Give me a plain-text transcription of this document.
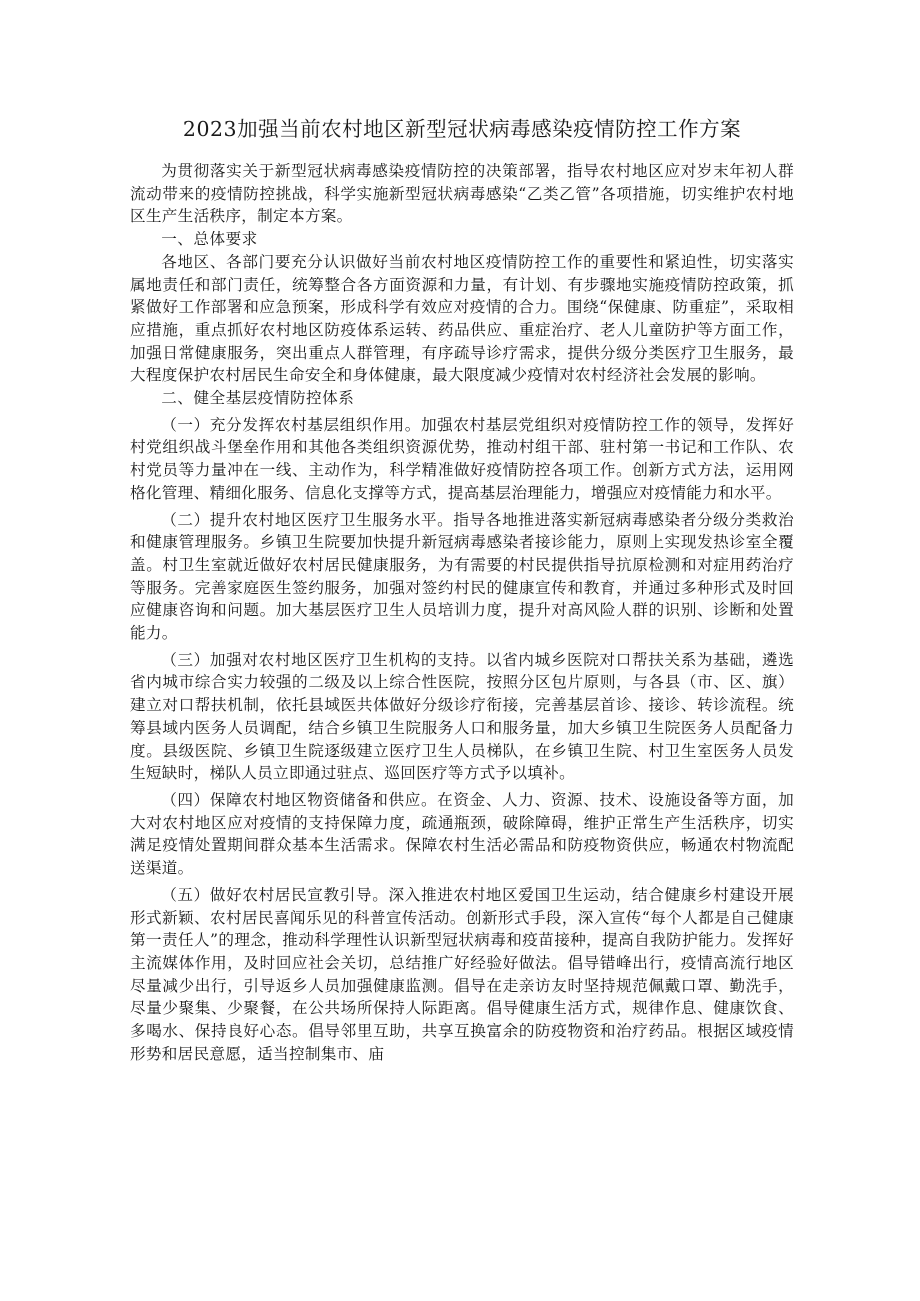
2023加强当前农村地区新型冠状病毒感染疫情防控工作方案

为贯彻落实关于新型冠状病毒感染疫情防控的决策部署，指导农村地区应对岁末年初人群流动带来的疫情防控挑战，科学实施新型冠状病毒感染“乙类乙管”各项措施，切实维护农村地区生产生活秩序，制定本方案。

一、总体要求

各地区、各部门要充分认识做好当前农村地区疫情防控工作的重要性和紧迫性，切实落实属地责任和部门责任，统筹整合各方面资源和力量，有计划、有步骤地实施疫情防控政策，抓紧做好工作部署和应急预案，形成科学有效应对疫情的合力。围绕“保健康、防重症”，采取相应措施，重点抓好农村地区防疫体系运转、药品供应、重症治疗、老人儿童防护等方面工作，加强日常健康服务，突出重点人群管理，有序疏导诊疗需求，提供分级分类医疗卫生服务，最大程度保护农村居民生命安全和身体健康，最大限度减少疫情对农村经济社会发展的影响。

二、健全基层疫情防控体系

（一）充分发挥农村基层组织作用。加强农村基层党组织对疫情防控工作的领导，发挥好村党组织战斗堡垒作用和其他各类组织资源优势，推动村组干部、驻村第一书记和工作队、农村党员等力量冲在一线、主动作为，科学精准做好疫情防控各项工作。创新方式方法，运用网格化管理、精细化服务、信息化支撑等方式，提高基层治理能力，增强应对疫情能力和水平。

（二）提升农村地区医疗卫生服务水平。指导各地推进落实新冠病毒感染者分级分类救治和健康管理服务。乡镇卫生院要加快提升新冠病毒感染者接诊能力，原则上实现发热诊室全覆盖。村卫生室就近做好农村居民健康服务，为有需要的村民提供指导抗原检测和对症用药治疗等服务。完善家庭医生签约服务，加强对签约村民的健康宣传和教育，并通过多种形式及时回应健康咨询和问题。加大基层医疗卫生人员培训力度，提升对高风险人群的识别、诊断和处置能力。

（三）加强对农村地区医疗卫生机构的支持。以省内城乡医院对口帮扶关系为基础，遴选省内城市综合实力较强的二级及以上综合性医院，按照分区包片原则，与各县（市、区、旗）建立对口帮扶机制，依托县域医共体做好分级诊疗衔接，完善基层首诊、接诊、转诊流程。统筹县域内医务人员调配，结合乡镇卫生院服务人口和服务量，加大乡镇卫生院医务人员配备力度。县级医院、乡镇卫生院逐级建立医疗卫生人员梯队，在乡镇卫生院、村卫生室医务人员发生短缺时，梯队人员立即通过驻点、巡回医疗等方式予以填补。

（四）保障农村地区物资储备和供应。在资金、人力、资源、技术、设施设备等方面，加大对农村地区应对疫情的支持保障力度，疏通瓶颈，破除障碍，维护正常生产生活秩序，切实满足疫情处置期间群众基本生活需求。保障农村生活必需品和防疫物资供应，畅通农村物流配送渠道。

（五）做好农村居民宣教引导。深入推进农村地区爱国卫生运动，结合健康乡村建设开展形式新颖、农村居民喜闻乐见的科普宣传活动。创新形式手段，深入宣传“每个人都是自己健康第一责任人”的理念，推动科学理性认识新型冠状病毒和疫苗接种，提高自我防护能力。发挥好主流媒体作用，及时回应社会关切，总结推广好经验好做法。倡导错峰出行，疫情高流行地区尽量减少出行，引导返乡人员加强健康监测。倡导在走亲访友时坚持规范佩戴口罩、勤洗手，尽量少聚集、少聚餐，在公共场所保持人际距离。倡导健康生活方式，规律作息、健康饮食、多喝水、保持良好心态。倡导邻里互助，共享互换富余的防疫物资和治疗药品。根据区域疫情形势和居民意愿，适当控制集市、庙
